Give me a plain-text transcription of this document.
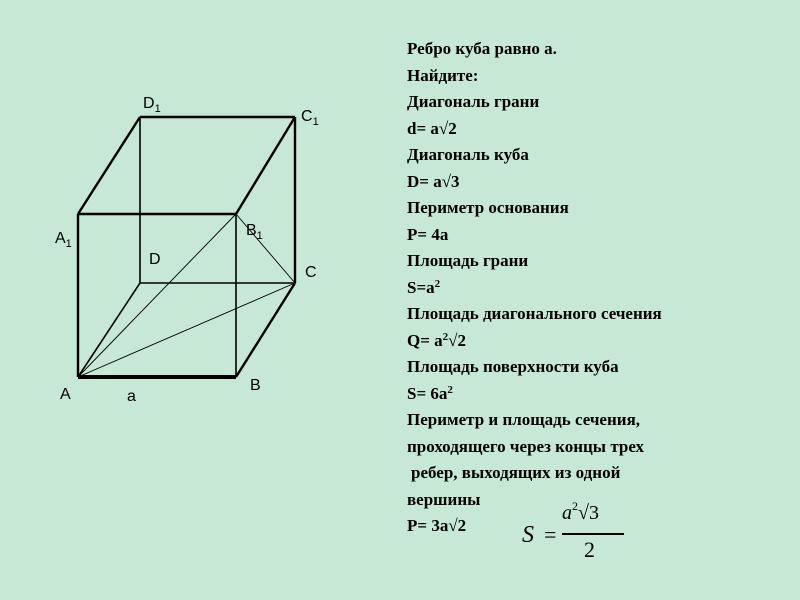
$D_1$	$C_1$
$A_1$
$B_1$
D
C
A
B
a
Ребро куба равно а.
Найдите:
Диагональ грани
d= a√2
Диагональ куба
D= a√3
Периметр основания
P= 4a
Площадь грани
$S=a^2$
Площадь диагонального сечения
$Q= a^2√2$
Площадь поверхности куба
$S= 6a^2$
Периметр и площадь сечения,
проходящего через концы трех
ребер, выходящих из одной
вершины
P= 3a√2	S =
$a^2√3$
2
